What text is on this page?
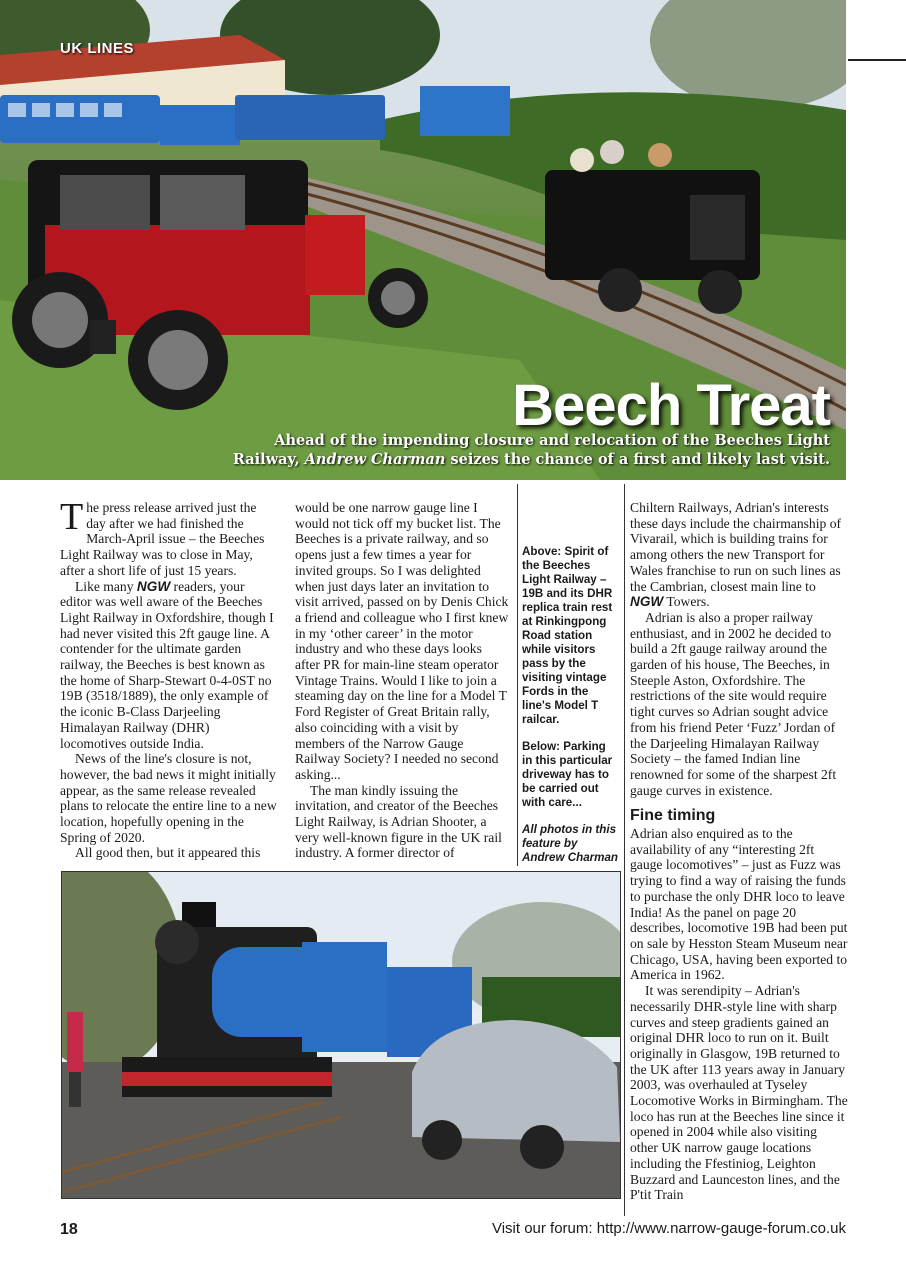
UK LINES
Beech Treat
Ahead of the impending closure and relocation of the Beeches Light Railway, Andrew Charman seizes the chance of a first and likely last visit.

The press release arrived just the day after we had finished the March-April issue – the Beeches Light Railway was to close in May, after a short life of just 15 years.

Like many NGW readers, your editor was well aware of the Beeches Light Railway in Oxfordshire, though I had never visited this 2ft gauge line. A contender for the ultimate garden railway, the Beeches is best known as the home of Sharp-Stewart 0-4-0ST no 19B (3518/1889), the only example of the iconic B-Class Darjeeling Himalayan Railway (DHR) locomotives outside India.

News of the line's closure is not, however, the bad news it might initially appear, as the same release revealed plans to relocate the entire line to a new location, hopefully opening in the Spring of 2020.

All good then, but it appeared this

would be one narrow gauge line I would not tick off my bucket list. The Beeches is a private railway, and so opens just a few times a year for invited groups. So I was delighted when just days later an invitation to visit arrived, passed on by Denis Chick a friend and colleague who I first knew in my ‘other career’ in the motor industry and who these days looks after PR for main-line steam operator Vintage Trains. Would I like to join a steaming day on the line for a Model T Ford Register of Great Britain rally, also coinciding with a visit by members of the Narrow Gauge Railway Society? I needed no second asking...

The man kindly issuing the invitation, and creator of the Beeches Light Railway, is Adrian Shooter, a very well-known figure in the UK rail industry. A former director of

Above: Spirit of the Beeches Light Railway – 19B and its DHR replica train rest at Rinkingpong Road station while visitors pass by the visiting vintage Fords in the line's Model T railcar.

Below: Parking in this particular driveway has to be carried out with care...

All photos in this feature by Andrew Charman

Chiltern Railways, Adrian's interests these days include the chairmanship of Vivarail, which is building trains for among others the new Transport for Wales franchise to run on such lines as the Cambrian, closest main line to NGW Towers.

Adrian is also a proper railway enthusiast, and in 2002 he decided to build a 2ft gauge railway around the garden of his house, The Beeches, in Steeple Aston, Oxfordshire. The restrictions of the site would require tight curves so Adrian sought advice from his friend Peter ‘Fuzz’ Jordan of the Darjeeling Himalayan Railway Society – the famed Indian line renowned for some of the sharpest 2ft gauge curves in existence.

Fine timing

Adrian also enquired as to the availability of any “interesting 2ft gauge locomotives” – just as Fuzz was trying to find a way of raising the funds to purchase the only DHR loco to leave India! As the panel on page 20 describes, locomotive 19B had been put on sale by Hesston Steam Museum near Chicago, USA, having been exported to America in 1962.

It was serendipity – Adrian's necessarily DHR-style line with sharp curves and steep gradients gained an original DHR loco to run on it. Built originally in Glasgow, 19B returned to the UK after 113 years away in January 2003, was overhauled at Tyseley Locomotive Works in Birmingham. The loco has run at the Beeches line since it opened in 2004 while also visiting other UK narrow gauge locations including the Ffestiniog, Leighton Buzzard and Launceston lines, and the P'tit Train

18	Visit our forum: http://www.narrow-gauge-forum.co.uk
